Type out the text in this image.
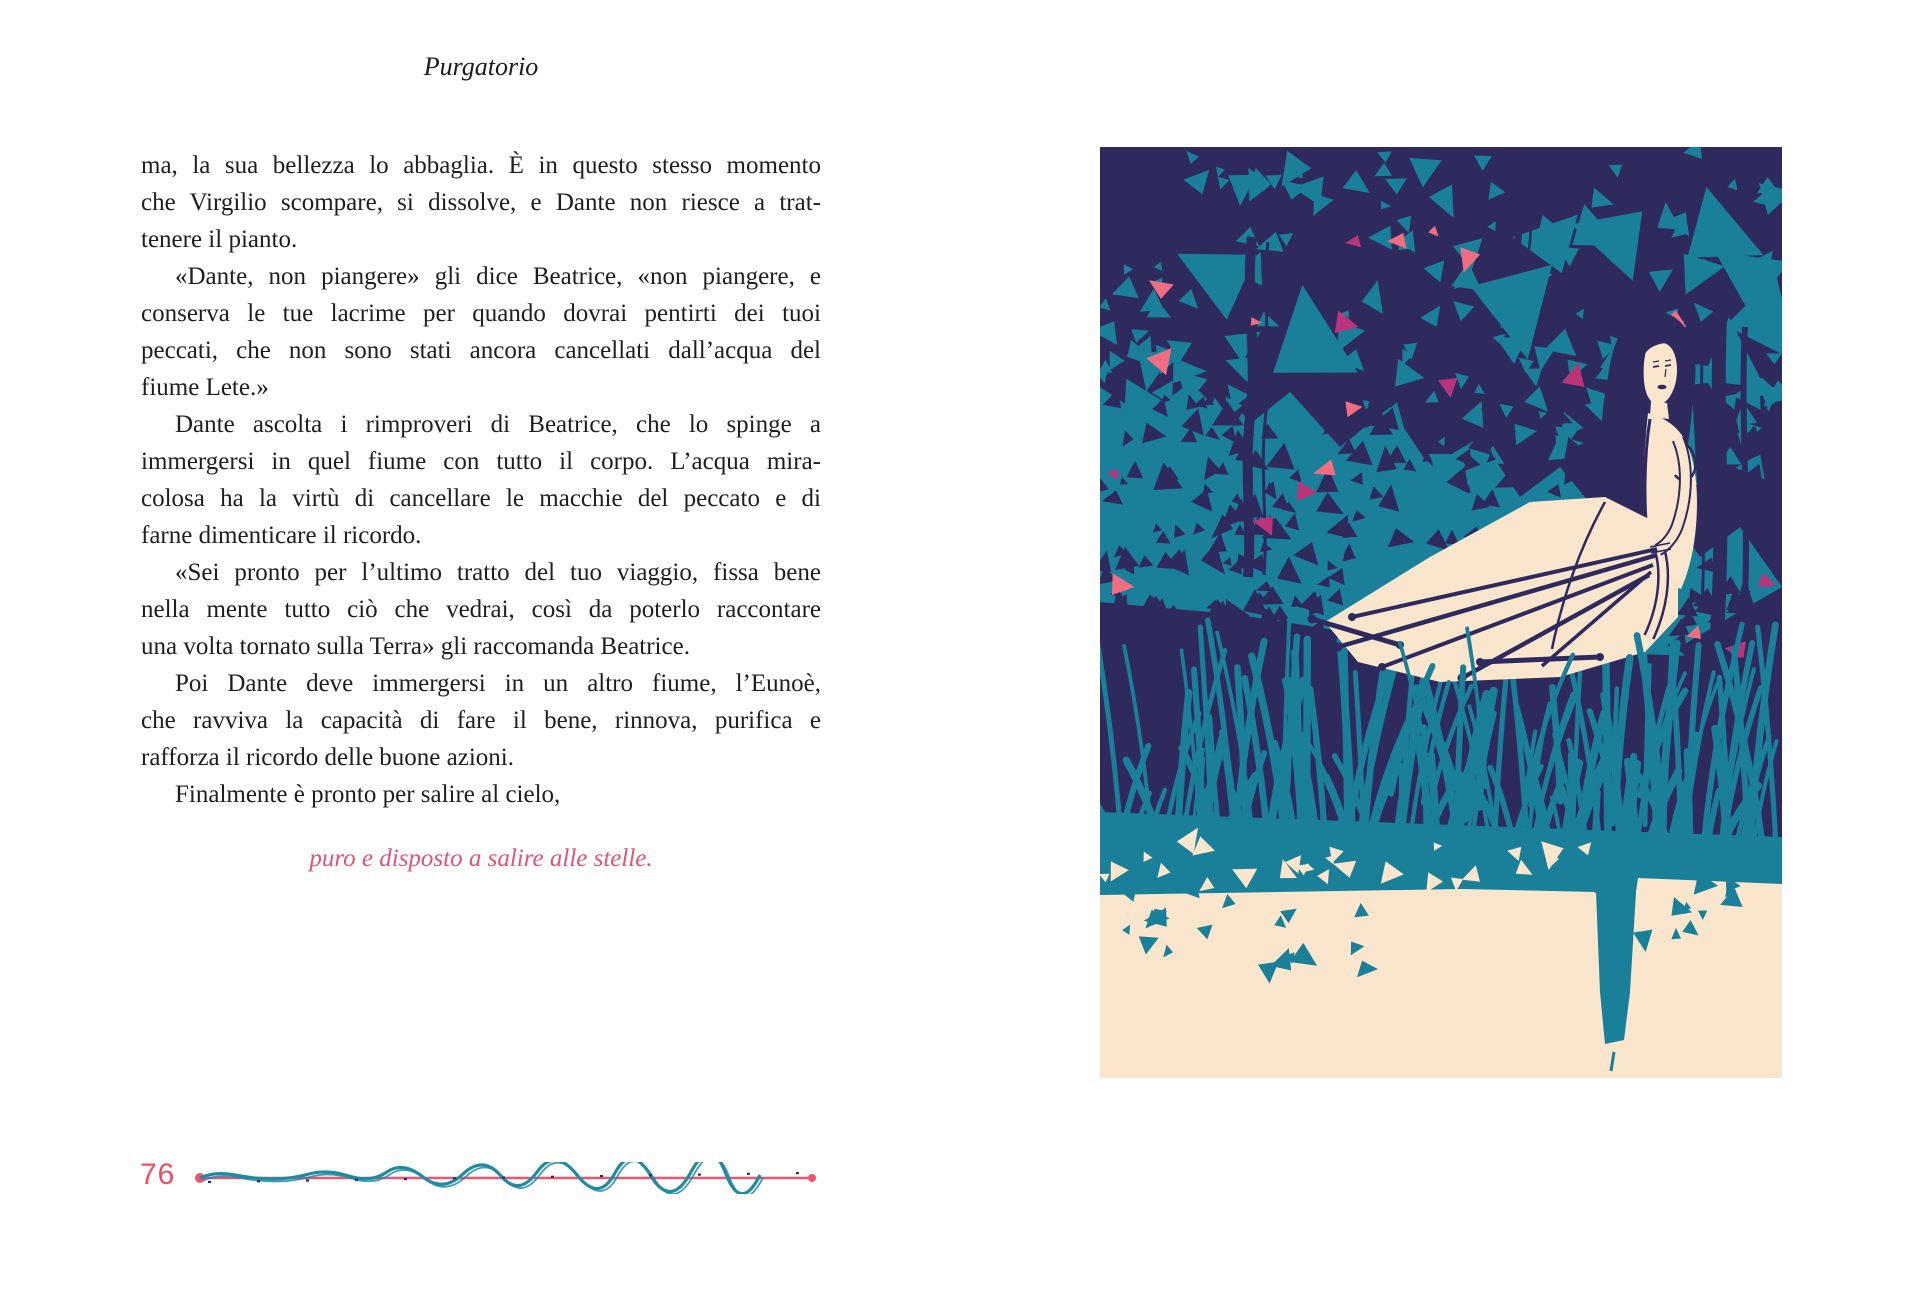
Purgatorio
ma, la sua bellezza lo abbaglia. È in questo stesso momento
che Virgilio scompare, si dissolve, e Dante non riesce a trat-
tenere il pianto.
«Dante, non piangere» gli dice Beatrice, «non piangere, e
conserva le tue lacrime per quando dovrai pentirti dei tuoi
peccati, che non sono stati ancora cancellati dall’acqua del
fiume Lete.»
Dante ascolta i rimproveri di Beatrice, che lo spinge a
immergersi in quel fiume con tutto il corpo. L’acqua mira-
colosa ha la virtù di cancellare le macchie del peccato e di
farne dimenticare il ricordo.
«Sei pronto per l’ultimo tratto del tuo viaggio, fissa bene
nella mente tutto ciò che vedrai, così da poterlo raccontare
una volta tornato sulla Terra» gli raccomanda Beatrice.
Poi Dante deve immergersi in un altro fiume, l’Eunoè,
che ravviva la capacità di fare il bene, rinnova, purifica e
rafforza il ricordo delle buone azioni.
Finalmente è pronto per salire al cielo,
puro e disposto a salire alle stelle.
76
